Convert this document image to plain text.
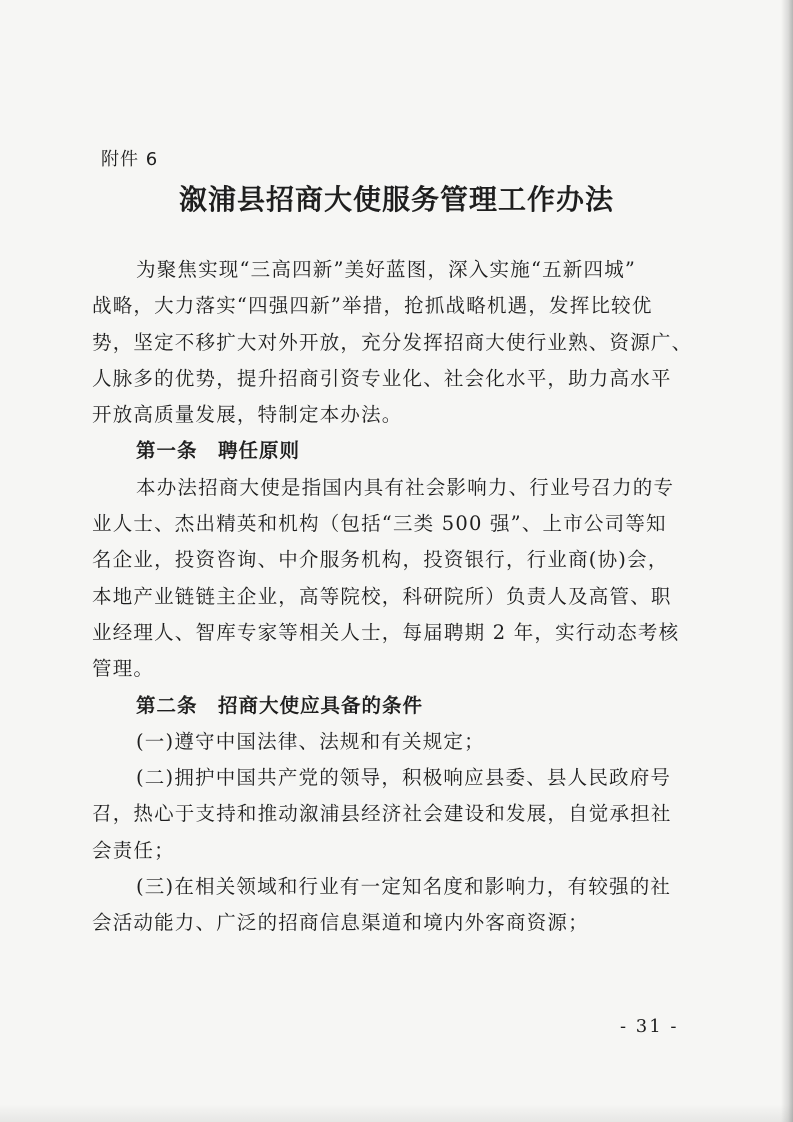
附件 6
溆浦县招商大使服务管理工作办法

为聚焦实现“三高四新”美好蓝图，深入实施“五新四城”

战略，大力落实“四强四新”举措，抢抓战略机遇，发挥比较优

势，坚定不移扩大对外开放，充分发挥招商大使行业熟、资源广、

人脉多的优势，提升招商引资专业化、社会化水平，助力高水平

开放高质量发展，特制定本办法。

第一条　聘任原则

本办法招商大使是指国内具有社会影响力、行业号召力的专

业人士、杰出精英和机构（包括“三类 500 强”、上市公司等知

名企业，投资咨询、中介服务机构，投资银行，行业商(协)会，

本地产业链链主企业，高等院校，科研院所）负责人及高管、职

业经理人、智库专家等相关人士，每届聘期 2 年，实行动态考核

管理。

第二条　招商大使应具备的条件

(一)遵守中国法律、法规和有关规定；

(二)拥护中国共产党的领导，积极响应县委、县人民政府号

召，热心于支持和推动溆浦县经济社会建设和发展，自觉承担社

会责任；

(三)在相关领域和行业有一定知名度和影响力，有较强的社

会活动能力、广泛的招商信息渠道和境内外客商资源；

- 31 -
